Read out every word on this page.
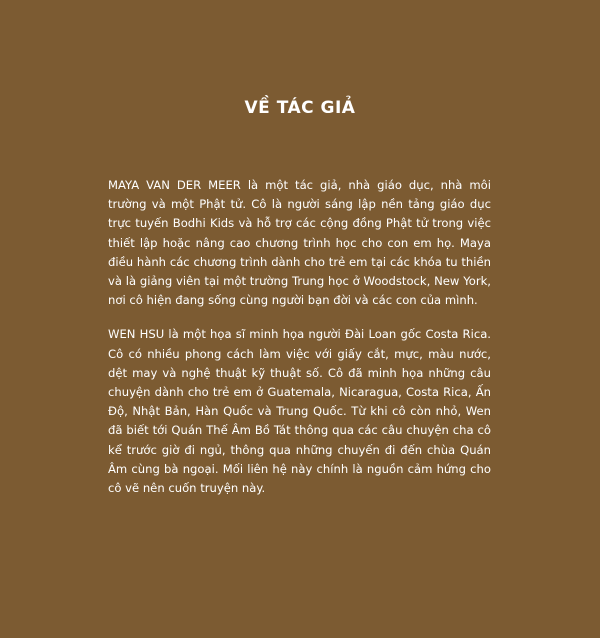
VỀ TÁC GIẢ

MAYA VAN DER MEER là một tác giả, nhà giáo dục, nhà môi trường và một Phật tử. Cô là người sáng lập nền tảng giáo dục trực tuyến Bodhi Kids và hỗ trợ các cộng đồng Phật tử trong việc thiết lập hoặc nâng cao chương trình học cho con em họ. Maya điều hành các chương trình dành cho trẻ em tại các khóa tu thiền và là giảng viên tại một trường Trung học ở Woodstock, New York, nơi cô hiện đang sống cùng người bạn đời và các con của mình.

WEN HSU là một họa sĩ minh họa người Đài Loan gốc Costa Rica. Cô có nhiều phong cách làm việc với giấy cắt, mực, màu nước, dệt may và nghệ thuật kỹ thuật số. Cô đã minh họa những câu chuyện dành cho trẻ em ở Guatemala, Nicaragua, Costa Rica, Ấn Độ, Nhật Bản, Hàn Quốc và Trung Quốc. Từ khi cô còn nhỏ, Wen đã biết tới Quán Thế Âm Bồ Tát thông qua các câu chuyện cha cô kể trước giờ đi ngủ, thông qua những chuyến đi đến chùa Quán Âm cùng bà ngoại. Mối liên hệ này chính là nguồn cảm hứng cho cô vẽ nên cuốn truyện này.
